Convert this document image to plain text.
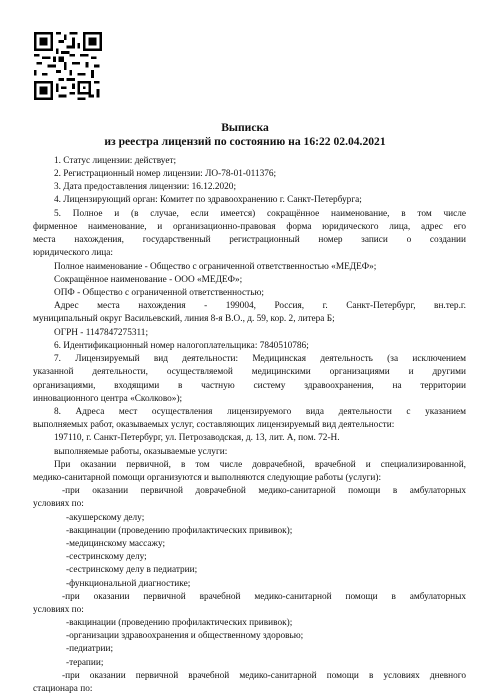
Выписка
из реестра лицензий по состоянию на 16:22 02.04.2021
1. Статус лицензии: действует;
2. Регистрационный номер лицензии: ЛО-78-01-011376;
3. Дата предоставления лицензии: 16.12.2020;
4. Лицензирующий орган: Комитет по здравоохранению г. Санкт-Петербурга;
5. Полное и (в случае, если имеется) сокращённое наименование, в том числе
фирменное наименование, и организационно-правовая форма юридического лица, адрес его
места нахождения, государственный регистрационный номер записи о создании
юридического лица:
Полное наименование - Общество с ограниченной ответственностью «МЕДЕФ»;
Сокращённое наименование - ООО «МЕДЕФ»;
ОПФ - Общество с ограниченной ответственностью;
Адрес места нахождения - 199004, Россия, г. Санкт-Петербург, вн.тер.г.
муниципальный округ Васильевский, линия 8-я В.О., д. 59, кор. 2, литера Б;
ОГРН - 1147847275311;
6. Идентификационный номер налогоплательщика: 7840510786;
7. Лицензируемый вид деятельности: Медицинская деятельность (за исключением
указанной деятельности, осуществляемой медицинскими организациями и другими
организациями, входящими в частную систему здравоохранения, на территории
инновационного центра «Сколково»);
8. Адреса мест осуществления лицензируемого вида деятельности с указанием
выполняемых работ, оказываемых услуг, составляющих лицензируемый вид деятельности:
197110, г. Санкт-Петербург, ул. Петрозаводская, д. 13, лит. А, пом. 72-Н.
выполняемые работы, оказываемые услуги:
При оказании первичной, в том числе доврачебной, врачебной и специализированной,
медико-санитарной помощи организуются и выполняются следующие работы (услуги):
-при оказании первичной доврачебной медико-санитарной помощи в амбулаторных
условиях по:
-акушерскому делу;
-вакцинации (проведению профилактических прививок);
-медицинскому массажу;
-сестринскому делу;
-сестринскому делу в педиатрии;
-функциональной диагностике;
-при оказании первичной врачебной медико-санитарной помощи в амбулаторных
условиях по:
-вакцинации (проведению профилактических прививок);
-организации здравоохранения и общественному здоровью;
-педиатрии;
-терапии;
-при оказании первичной врачебной медико-санитарной помощи в условиях дневного
стационара по:
